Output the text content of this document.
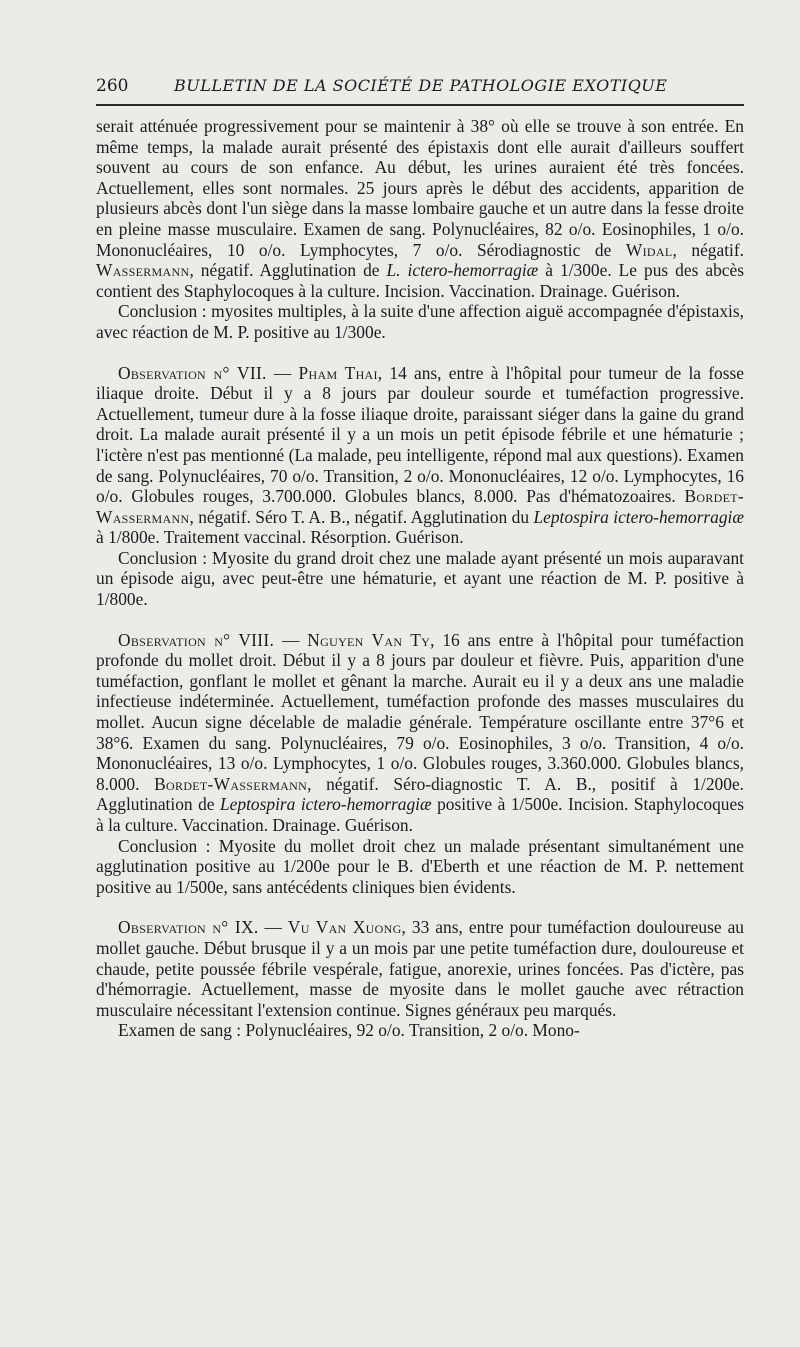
260	BULLETIN DE LA SOCIÉTÉ DE PATHOLOGIE EXOTIQUE

serait atténuée progressivement pour se maintenir à 38° où elle se trouve à son entrée. En même temps, la malade aurait présenté des épistaxis dont elle aurait d'ailleurs souffert souvent au cours de son enfance. Au début, les urines auraient été très foncées. Actuellement, elles sont normales. 25 jours après le début des accidents, apparition de plusieurs abcès dont l'un siège dans la masse lombaire gauche et un autre dans la fesse droite en pleine masse musculaire. Examen de sang. Polynucléaires, 82 o/o. Eosinophiles, 1 o/o. Mononucléaires, 10 o/o. Lymphocytes, 7 o/o. Sérodiagnostic de Widal, négatif. Wassermann, négatif. Agglutination de L. ictero-hemorragiæ à 1/300e. Le pus des abcès contient des Staphylocoques à la culture. Incision. Vaccination. Drainage. Guérison.

Conclusion : myosites multiples, à la suite d'une affection aiguë accompagnée d'épistaxis, avec réaction de M. P. positive au 1/300e.

Observation n° VII. — Pham Thai, 14 ans, entre à l'hôpital pour tumeur de la fosse iliaque droite. Début il y a 8 jours par douleur sourde et tuméfaction progressive. Actuellement, tumeur dure à la fosse iliaque droite, paraissant siéger dans la gaine du grand droit. La malade aurait présenté il y a un mois un petit épisode fébrile et une hématurie ; l'ictère n'est pas mentionné (La malade, peu intelligente, répond mal aux questions). Examen de sang. Polynucléaires, 70 o/o. Transition, 2 o/o. Mononucléaires, 12 o/o. Lymphocytes, 16 o/o. Globules rouges, 3.700.000. Globules blancs, 8.000. Pas d'hématozoaires. Bordet-Wassermann, négatif. Séro T. A. B., négatif. Agglutination du Leptospira ictero-hemorragiæ à 1/800e. Traitement vaccinal. Résorption. Guérison.

Conclusion : Myosite du grand droit chez une malade ayant présenté un mois auparavant un épisode aigu, avec peut-être une hématurie, et ayant une réaction de M. P. positive à 1/800e.

Observation n° VIII. — Nguyen Van Ty, 16 ans entre à l'hôpital pour tuméfaction profonde du mollet droit. Début il y a 8 jours par douleur et fièvre. Puis, apparition d'une tuméfaction, gonflant le mollet et gênant la marche. Aurait eu il y a deux ans une maladie infectieuse indéterminée. Actuellement, tuméfaction profonde des masses musculaires du mollet. Aucun signe décelable de maladie générale. Température oscillante entre 37°6 et 38°6. Examen du sang. Polynucléaires, 79 o/o. Eosinophiles, 3 o/o. Transition, 4 o/o. Mononucléaires, 13 o/o. Lymphocytes, 1 o/o. Globules rouges, 3.360.000. Globules blancs, 8.000. Bordet-Wassermann, négatif. Séro-diagnostic T. A. B., positif à 1/200e. Agglutination de Leptospira ictero-hemorragiæ positive à 1/500e. Incision. Staphylocoques à la culture. Vaccination. Drainage. Guérison.

Conclusion : Myosite du mollet droit chez un malade présentant simultanément une agglutination positive au 1/200e pour le B. d'Eberth et une réaction de M. P. nettement positive au 1/500e, sans antécédents cliniques bien évidents.

Observation n° IX. — Vu Van Xuong, 33 ans, entre pour tuméfaction douloureuse au mollet gauche. Début brusque il y a un mois par une petite tuméfaction dure, douloureuse et chaude, petite poussée fébrile vespérale, fatigue, anorexie, urines foncées. Pas d'ictère, pas d'hémorragie. Actuellement, masse de myosite dans le mollet gauche avec rétraction musculaire nécessitant l'extension continue. Signes généraux peu marqués.

Examen de sang : Polynucléaires, 92 o/o. Transition, 2 o/o. Mono-
